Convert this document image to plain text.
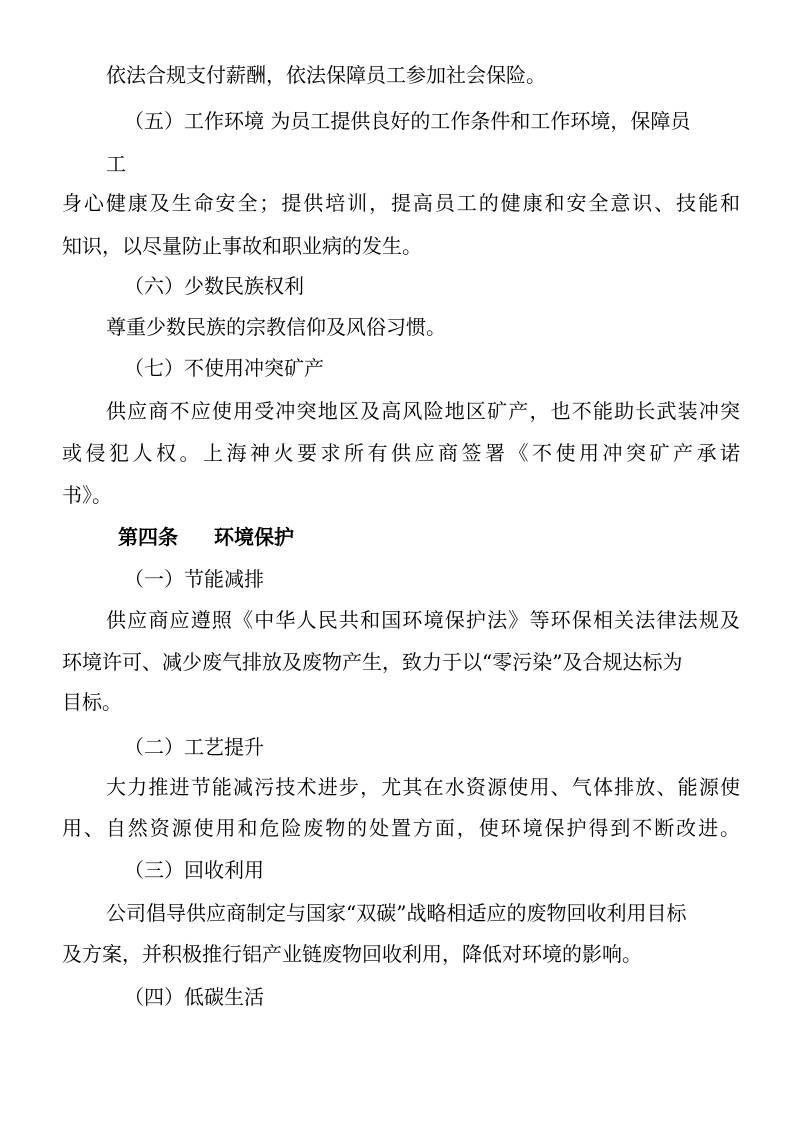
依法合规支付薪酬，依法保障员工参加社会保险。
（五）工作环境 为员工提供良好的工作条件和工作环境，保障员
工
身心健康及生命安全；提供培训，提高员工的健康和安全意识、技能和
知识，以尽量防止事故和职业病的发生。
（六）少数民族权利
尊重少数民族的宗教信仰及风俗习惯。
（七）不使用冲突矿产
供应商不应使用受冲突地区及高风险地区矿产，也不能助长武装冲突
或侵犯人权。上海神火要求所有供应商签署《不使用冲突矿产承诺
书》。
第四条 环境保护
（一）节能减排
供应商应遵照《中华人民共和国环境保护法》等环保相关法律法规及
环境许可、减少废气排放及废物产生，致力于以“零污染”及合规达标为
目标。
（二）工艺提升
大力推进节能减污技术进步，尤其在水资源使用、气体排放、能源使
用、自然资源使用和危险废物的处置方面，使环境保护得到不断改进。
（三）回收利用
公司倡导供应商制定与国家“双碳”战略相适应的废物回收利用目标
及方案，并积极推行铝产业链废物回收利用，降低对环境的影响。
（四）低碳生活
